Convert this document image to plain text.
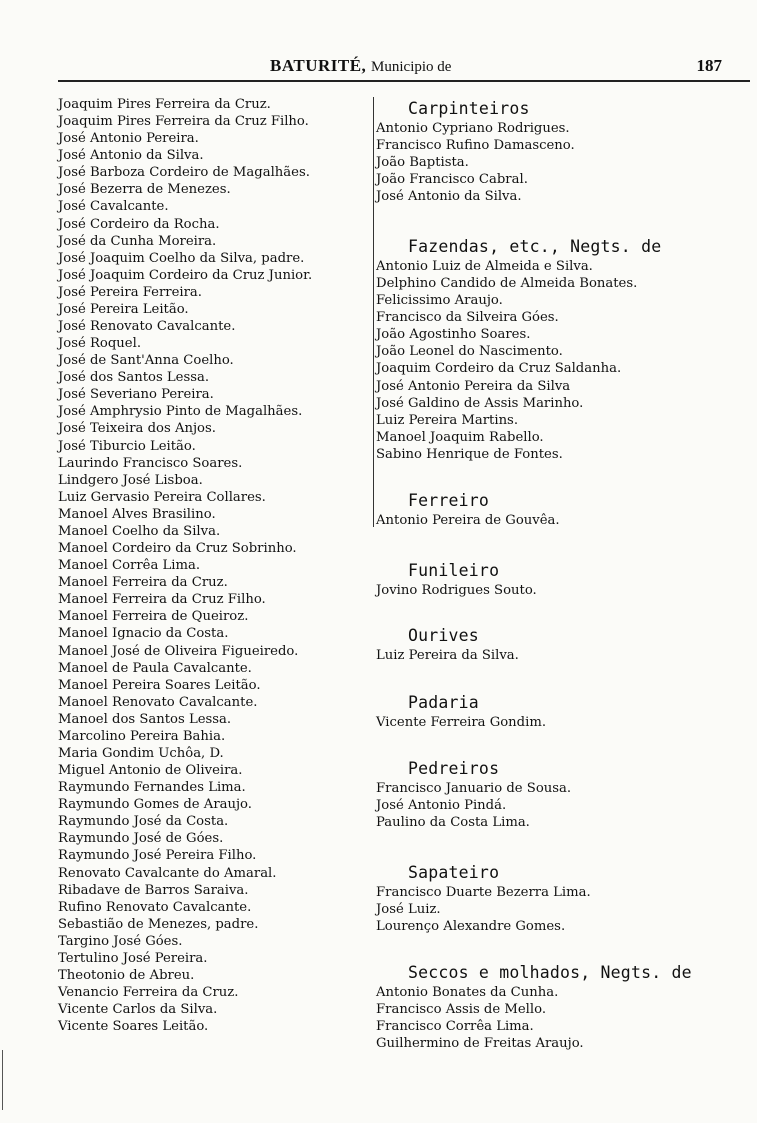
BATURITÉ, Municipio de	187
Joaquim Pires Ferreira da Cruz.
Joaquim Pires Ferreira da Cruz Filho.
José Antonio Pereira.
José Antonio da Silva.
José Barboza Cordeiro de Magalhães.
José Bezerra de Menezes.
José Cavalcante.
José Cordeiro da Rocha.
José da Cunha Moreira.
José Joaquim Coelho da Silva, padre.
José Joaquim Cordeiro da Cruz Junior.
José Pereira Ferreira.
José Pereira Leitão.
José Renovato Cavalcante.
José Roquel.
José de Sant'Anna Coelho.
José dos Santos Lessa.
José Severiano Pereira.
José Amphrysio Pinto de Magalhães.
José Teixeira dos Anjos.
José Tiburcio Leitão.
Laurindo Francisco Soares.
Lindgero José Lisboa.
Luiz Gervasio Pereira Collares.
Manoel Alves Brasilino.
Manoel Coelho da Silva.
Manoel Cordeiro da Cruz Sobrinho.
Manoel Corrêa Lima.
Manoel Ferreira da Cruz.
Manoel Ferreira da Cruz Filho.
Manoel Ferreira de Queiroz.
Manoel Ignacio da Costa.
Manoel José de Oliveira Figueiredo.
Manoel de Paula Cavalcante.
Manoel Pereira Soares Leitão.
Manoel Renovato Cavalcante.
Manoel dos Santos Lessa.
Marcolino Pereira Bahia.
Maria Gondim Uchôa, D.
Miguel Antonio de Oliveira.
Raymundo Fernandes Lima.
Raymundo Gomes de Araujo.
Raymundo José da Costa.
Raymundo José de Góes.
Raymundo José Pereira Filho.
Renovato Cavalcante do Amaral.
Ribadave de Barros Saraiva.
Rufino Renovato Cavalcante.
Sebastião de Menezes, padre.
Targino José Góes.
Tertulino José Pereira.
Theotonio de Abreu.
Venancio Ferreira da Cruz.
Vicente Carlos da Silva.
Vicente Soares Leitão.
Carpinteiros
Antonio Cypriano Rodrigues.
Francisco Rufino Damasceno.
João Baptista.
João Francisco Cabral.
José Antonio da Silva.
Fazendas, etc., Negts. de
Antonio Luiz de Almeida e Silva.
Delphino Candido de Almeida Bonates.
Felicissimo Araujo.
Francisco da Silveira Góes.
João Agostinho Soares.
João Leonel do Nascimento.
Joaquim Cordeiro da Cruz Saldanha.
José Antonio Pereira da Silva
José Galdino de Assis Marinho.
Luiz Pereira Martins.
Manoel Joaquim Rabello.
Sabino Henrique de Fontes.
Ferreiro
Antonio Pereira de Gouvêa.
Funileiro
Jovino Rodrigues Souto.
Ourives
Luiz Pereira da Silva.
Padaria
Vicente Ferreira Gondim.
Pedreiros
Francisco Januario de Sousa.
José Antonio Pindá.
Paulino da Costa Lima.
Sapateiro
Francisco Duarte Bezerra Lima.
José Luiz.
Lourenço Alexandre Gomes.
Seccos e molhados, Negts. de
Antonio Bonates da Cunha.
Francisco Assis de Mello.
Francisco Corrêa Lima.
Guilhermino de Freitas Araujo.
